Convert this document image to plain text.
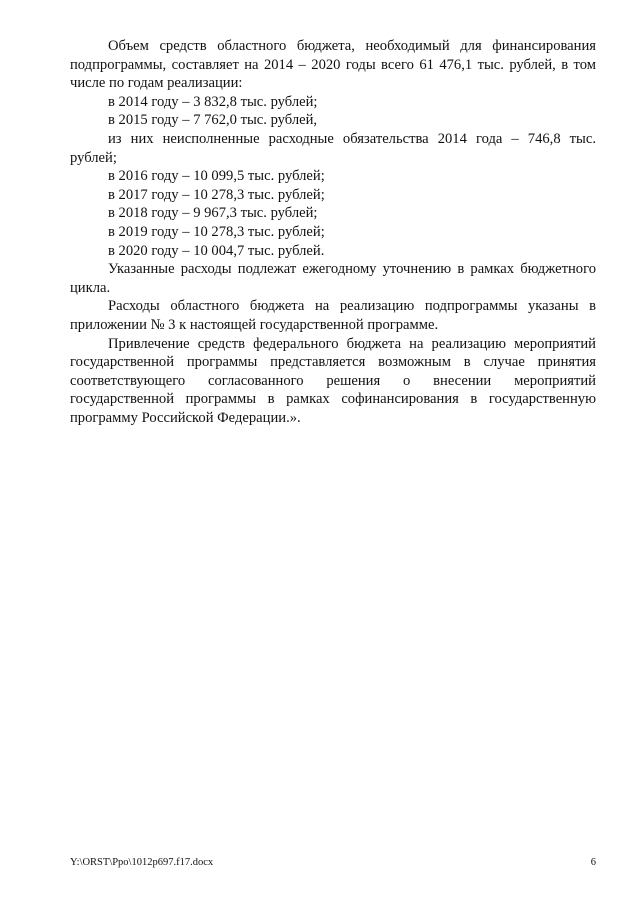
Объем средств областного бюджета, необходимый для финансирования подпрограммы, составляет на 2014 – 2020 годы всего 61 476,1 тыс. рублей, в том числе по годам реализации:

в 2014 году – 3 832,8 тыс. рублей;

в 2015 году – 7 762,0 тыс. рублей,

из них неисполненные расходные обязательства 2014 года – 746,8 тыс. рублей;

в 2016 году – 10 099,5 тыс. рублей;

в 2017 году – 10 278,3 тыс. рублей;

в 2018 году – 9 967,3 тыс. рублей;

в 2019 году – 10 278,3 тыс. рублей;

в 2020 году – 10 004,7 тыс. рублей.

Указанные расходы подлежат ежегодному уточнению в рамках бюджетного цикла.

Расходы областного бюджета на реализацию подпрограммы указаны в приложении № 3 к настоящей государственной программе.

Привлечение средств федерального бюджета на реализацию мероприятий государственной программы представляется возможным в случае принятия соответствующего согласованного решения о внесении мероприятий государственной программы в рамках софинансирования в государственную программу Российской Федерации.».

Y:\ORST\Ppo\1012p697.f17.docx	6
